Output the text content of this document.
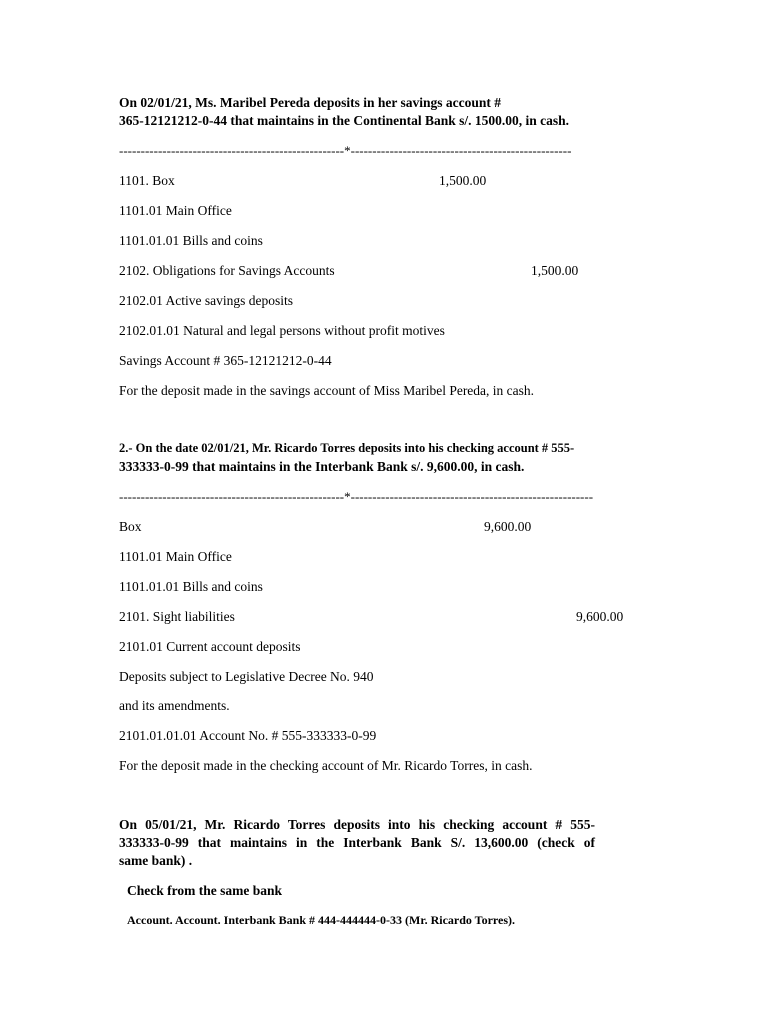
On 02/01/21, Ms. Maribel Pereda deposits in her savings account #
365-12121212-0-44 that maintains in the Continental Bank s/. 1500.00, in cash.
----------------------------------------------------*---------------------------------------------------
1101. Box	1,500.00
1101.01 Main Office
1101.01.01 Bills and coins
2102. Obligations for Savings Accounts	1,500.00
2102.01 Active savings deposits
2102.01.01 Natural and legal persons without profit motives
Savings Account # 365-12121212-0-44
For the deposit made in the savings account of Miss Maribel Pereda, in cash.
2.- On the date 02/01/21, Mr. Ricardo Torres deposits into his checking account # 555-
333333-0-99 that maintains in the Interbank Bank s/. 9,600.00, in cash.
----------------------------------------------------*--------------------------------------------------------
Box	9,600.00
1101.01 Main Office
1101.01.01 Bills and coins
2101. Sight liabilities	9,600.00
2101.01 Current account deposits
Deposits subject to Legislative Decree No. 940
and its amendments.
2101.01.01.01 Account No. # 555-333333-0-99
For the deposit made in the checking account of Mr. Ricardo Torres, in cash.
On 05/01/21, Mr. Ricardo Torres deposits into his checking account # 555-
333333-0-99 that maintains in the Interbank Bank S/. 13,600.00 (check of
same bank) .
Check from the same bank
Account. Account. Interbank Bank # 444-444444-0-33 (Mr. Ricardo Torres).
